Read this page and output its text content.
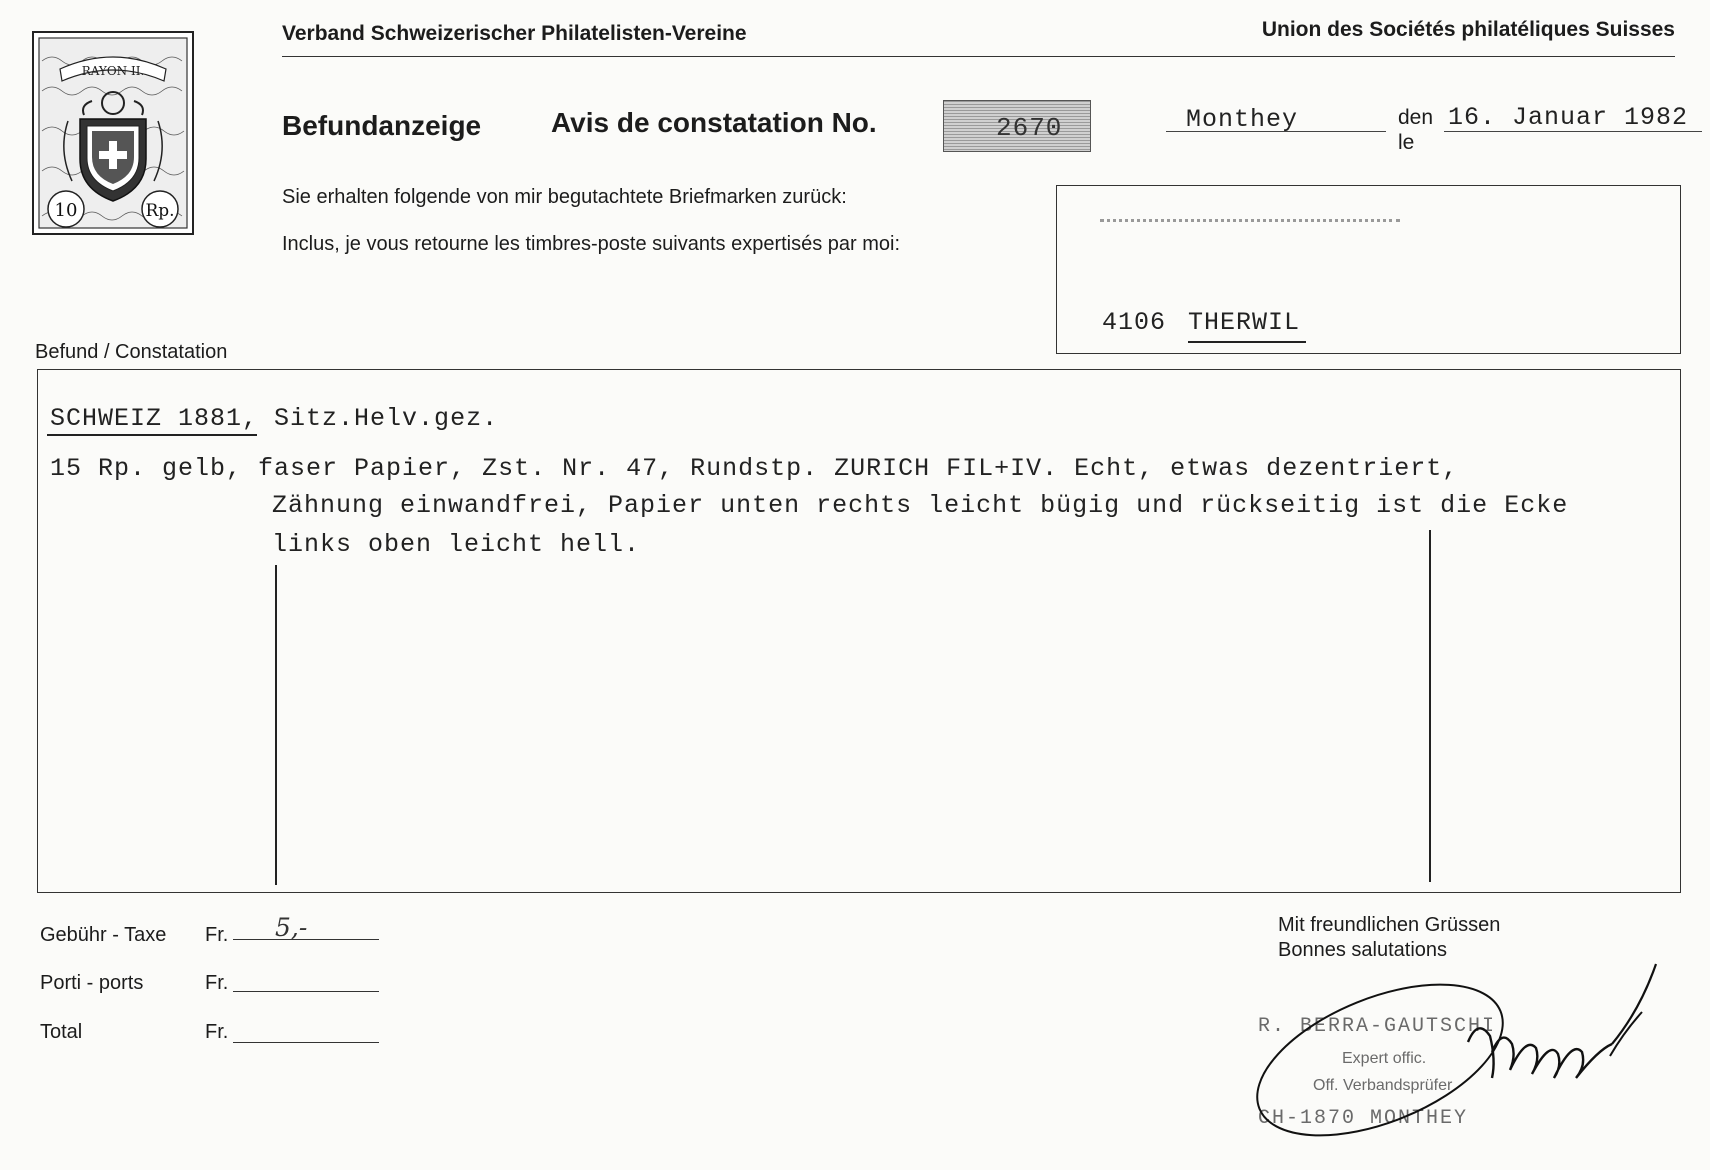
RAYON II.
10	Rp.
Verband Schweizerischer Philatelisten-Vereine	Union des Sociétés philatéliques Suisses
Befundanzeige Avis de constatation No.	2670	Monthey	den
le
16. Januar 1982
Sie erhalten folgende von mir begutachtete Briefmarken zurück:
Inclus, je vous retourne les timbres-poste suivants expertisés par moi:
4106 THERWIL
Befund / Constatation
SCHWEIZ 1881, Sitz.Helv.gez.
15 Rp. gelb, faser Papier, Zst. Nr. 47, Rundstp. ZURICH FIL+IV. Echt, etwas dezentriert,
Zähnung einwandfrei, Papier unten rechts leicht bügig und rückseitig ist die Ecke
links oben leicht hell.
Gebühr - Taxe Fr. 5,-
Porti - ports	Fr.
Total	Fr.
Mit freundlichen Grüssen
Bonnes salutations
R. BERRA-GAUTSCHI
Expert offic.
Off. Verbandsprüfer
CH-1870 MONTHEY
